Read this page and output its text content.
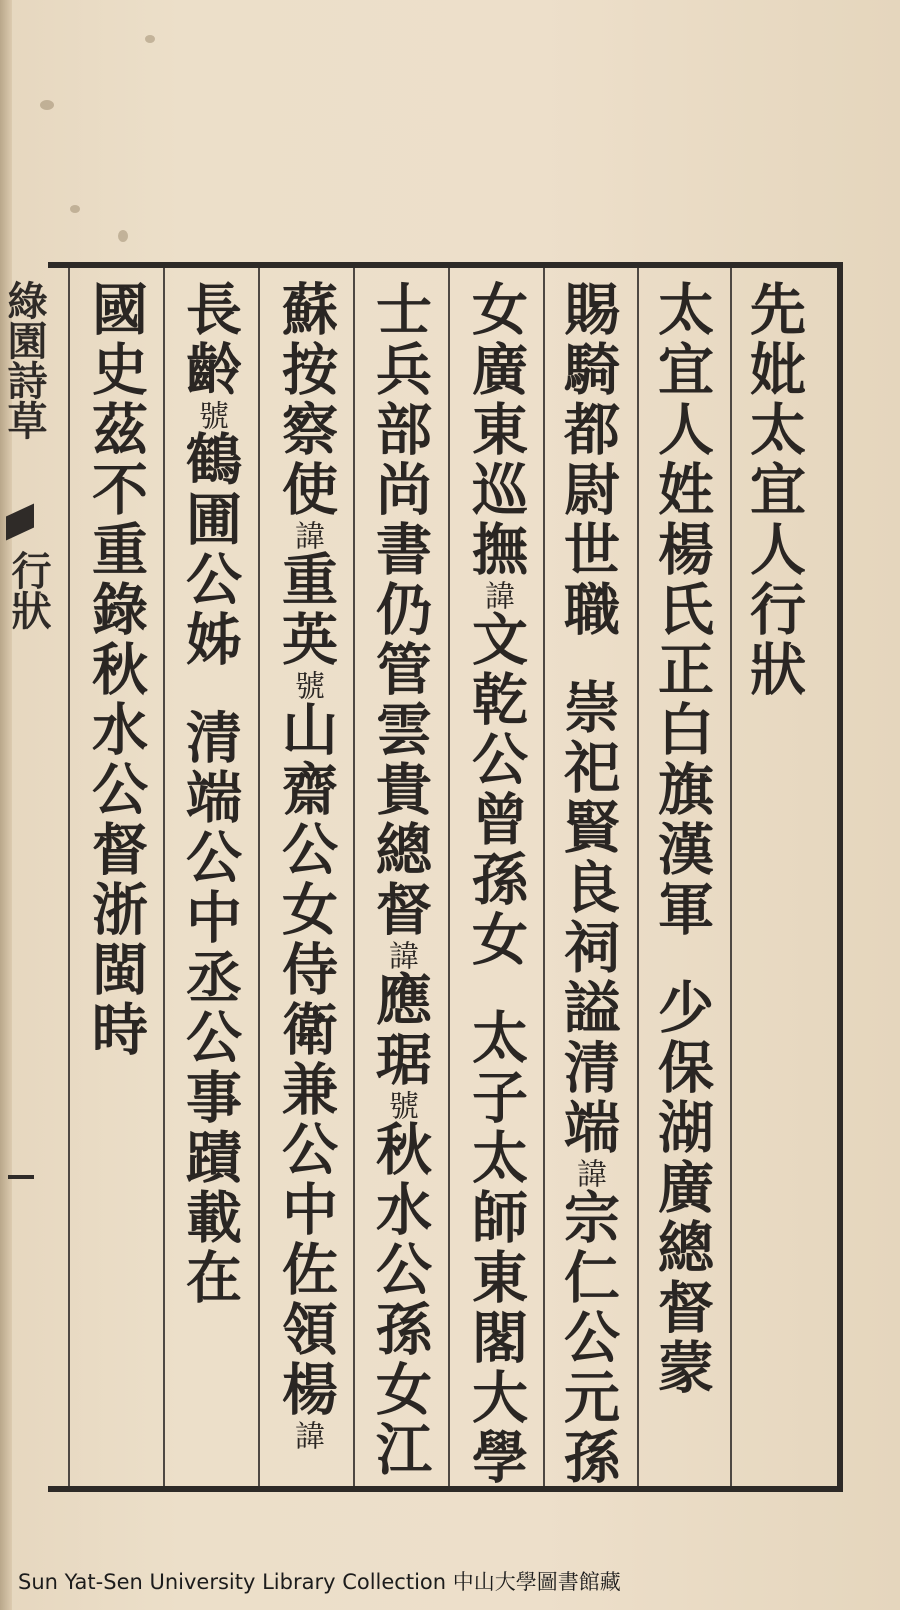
綠園詩草
行狀	先妣太宜人行狀
太宜人姓楊氏正白旗漢軍少保湖廣總督蒙
賜騎都尉世職崇祀賢良祠謚清端諱宗仁公元孫
女廣東巡撫諱文乾公曾孫女太子太師東閣大學
士兵部尚書仍管雲貴總督諱應琚號秋水公孫女江
蘇按察使諱重英號山齋公女侍衛兼公中佐領楊諱
長齡號鶴圃公姊清端公中丞公事蹟載在
國史茲不重錄秋水公督浙閩時
Sun Yat-Sen University Library Collection 中山大學圖書館藏
